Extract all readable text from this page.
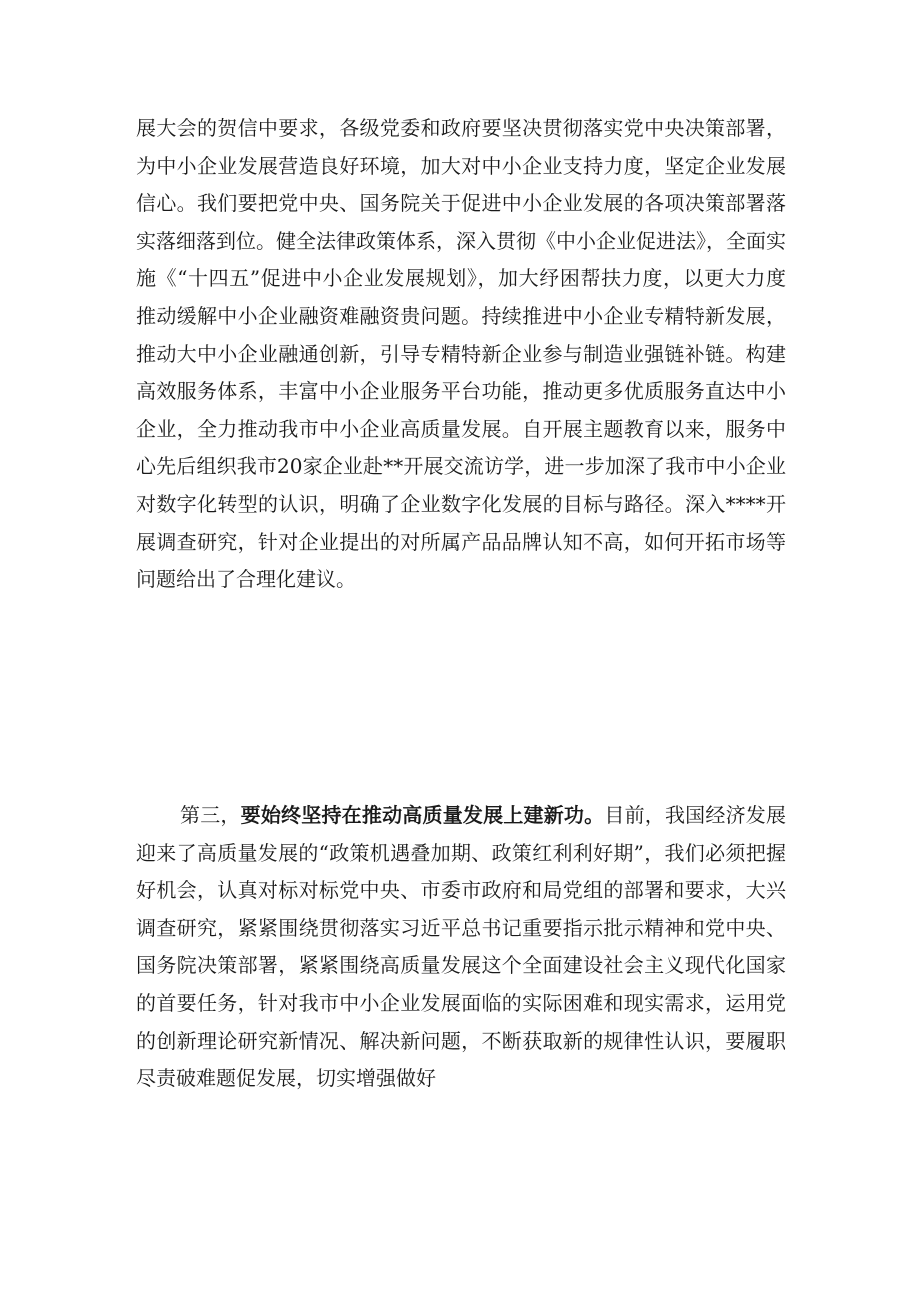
展大会的贺信中要求，各级党委和政府要坚决贯彻落实党中央决策部署，为中小企业发展营造良好环境，加大对中小企业支持力度，坚定企业发展信心。我们要把党中央、国务院关于促进中小企业发展的各项决策部署落实落细落到位。健全法律政策体系，深入贯彻《中小企业促进法》，全面实施《“十四五”促进中小企业发展规划》，加大纾困帮扶力度，以更大力度推动缓解中小企业融资难融资贵问题。持续推进中小企业专精特新发展，推动大中小企业融通创新，引导专精特新企业参与制造业强链补链。构建高效服务体系，丰富中小企业服务平台功能，推动更多优质服务直达中小企业，全力推动我市中小企业高质量发展。自开展主题教育以来，服务中心先后组织我市20家企业赴**开展交流访学，进一步加深了我市中小企业对数字化转型的认识，明确了企业数字化发展的目标与路径。深入****开展调查研究，针对企业提出的对所属产品品牌认知不高，如何开拓市场等问题给出了合理化建议。

第三，要始终坚持在推动高质量发展上建新功。目前，我国经济发展迎来了高质量发展的“政策机遇叠加期、政策红利利好期”，我们必须把握好机会，认真对标对标党中央、市委市政府和局党组的部署和要求，大兴调查研究，紧紧围绕贯彻落实习近平总书记重要指示批示精神和党中央、国务院决策部署，紧紧围绕高质量发展这个全面建设社会主义现代化国家的首要任务，针对我市中小企业发展面临的实际困难和现实需求，运用党的创新理论研究新情况、解决新问题，不断获取新的规律性认识，要履职尽责破难题促发展，切实增强做好
